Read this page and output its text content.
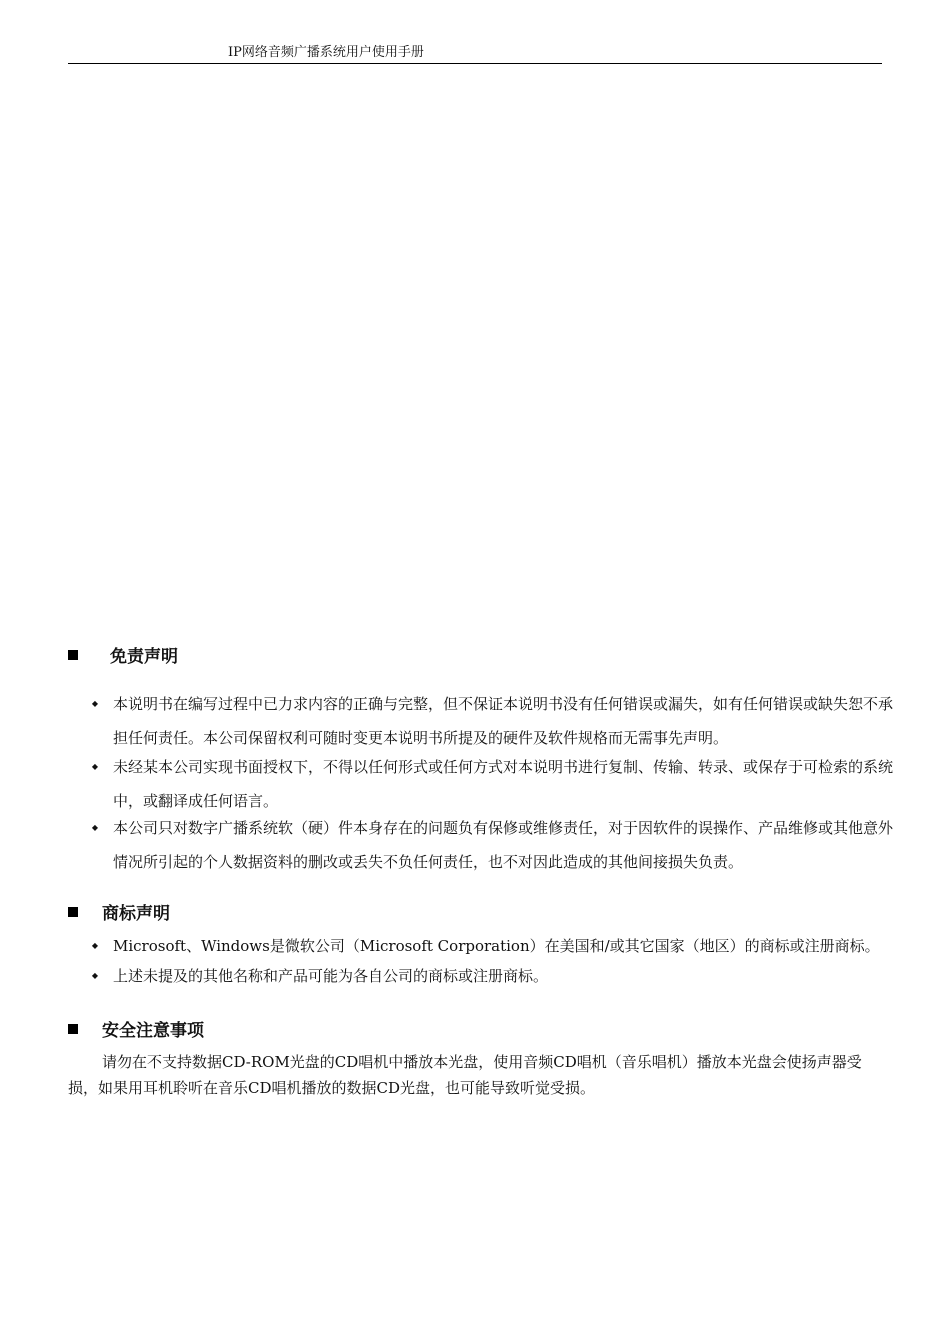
IP网络音频广播系统用户使用手册
免责声明
◆ 本说明书在编写过程中已力求内容的正确与完整，但不保证本说明书没有任何错误或漏失，如有任何错误或缺失恕不承担任何责任。本公司保留权利可随时变更本说明书所提及的硬件及软件规格而无需事先声明。
◆ 未经某本公司实现书面授权下，不得以任何形式或任何方式对本说明书进行复制、传输、转录、或保存于可检索的系统中，或翻译成任何语言。
◆ 本公司只对数字广播系统软（硬）件本身存在的问题负有保修或维修责任，对于因软件的误操作、产品维修或其他意外情况所引起的个人数据资料的删改或丢失不负任何责任，也不对因此造成的其他间接损失负责。
商标声明
◆ Microsoft、Windows是微软公司（Microsoft Corporation）在美国和/或其它国家（地区）的商标或注册商标。
◆ 上述未提及的其他名称和产品可能为各自公司的商标或注册商标。
安全注意事项
请勿在不支持数据CD-ROM光盘的CD唱机中播放本光盘，使用音频CD唱机（音乐唱机）播放本光盘会使扬声器受损，如果用耳机聆听在音乐CD唱机播放的数据CD光盘，也可能导致听觉受损。
